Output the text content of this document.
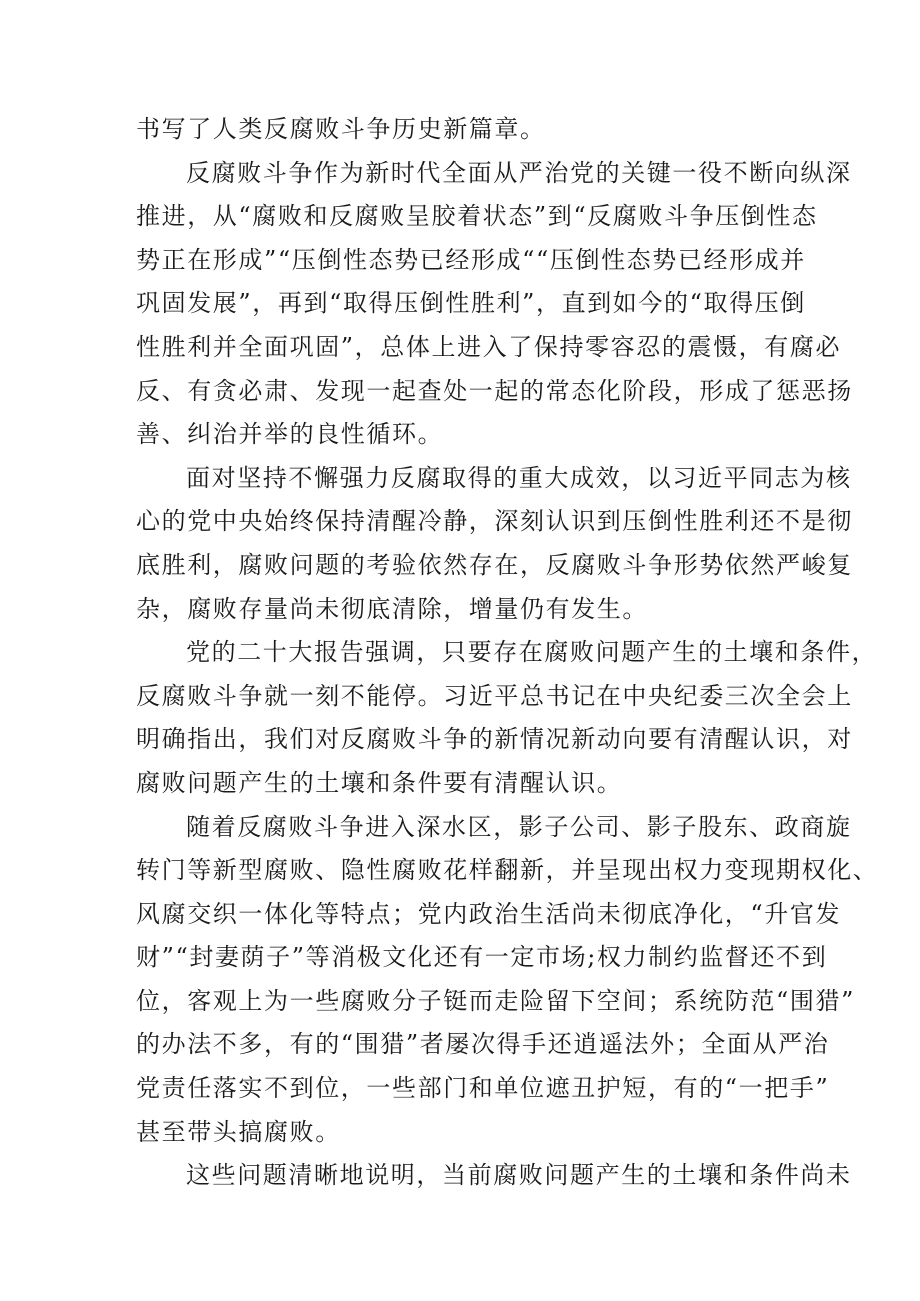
书写了人类反腐败斗争历史新篇章。
反腐败斗争作为新时代全面从严治党的关键一役不断向纵深
推进，从“腐败和反腐败呈胶着状态”到“反腐败斗争压倒性态
势正在形成”“压倒性态势已经形成““压倒性态势已经形成并
巩固发展”，再到“取得压倒性胜利”，直到如今的“取得压倒
性胜利并全面巩固”，总体上进入了保持零容忍的震慑，有腐必
反、有贪必肃、发现一起查处一起的常态化阶段，形成了惩恶扬
善、纠治并举的良性循环。
面对坚持不懈强力反腐取得的重大成效，以习近平同志为核
心的党中央始终保持清醒冷静，深刻认识到压倒性胜利还不是彻
底胜利，腐败问题的考验依然存在，反腐败斗争形势依然严峻复
杂，腐败存量尚未彻底清除，增量仍有发生。
党的二十大报告强调，只要存在腐败问题产生的土壤和条件，
反腐败斗争就一刻不能停。习近平总书记在中央纪委三次全会上
明确指出，我们对反腐败斗争的新情况新动向要有清醒认识，对
腐败问题产生的土壤和条件要有清醒认识。
随着反腐败斗争进入深水区，影子公司、影子股东、政商旋
转门等新型腐败、隐性腐败花样翻新，并呈现出权力变现期权化、
风腐交织一体化等特点；党内政治生活尚未彻底净化，“升官发
财”“封妻荫子”等消极文化还有一定市场;权力制约监督还不到
位，客观上为一些腐败分子铤而走险留下空间；系统防范“围猎”
的办法不多，有的“围猎”者屡次得手还逍遥法外；全面从严治
党责任落实不到位，一些部门和单位遮丑护短，有的“一把手”
甚至带头搞腐败。
这些问题清晰地说明，当前腐败问题产生的土壤和条件尚未
